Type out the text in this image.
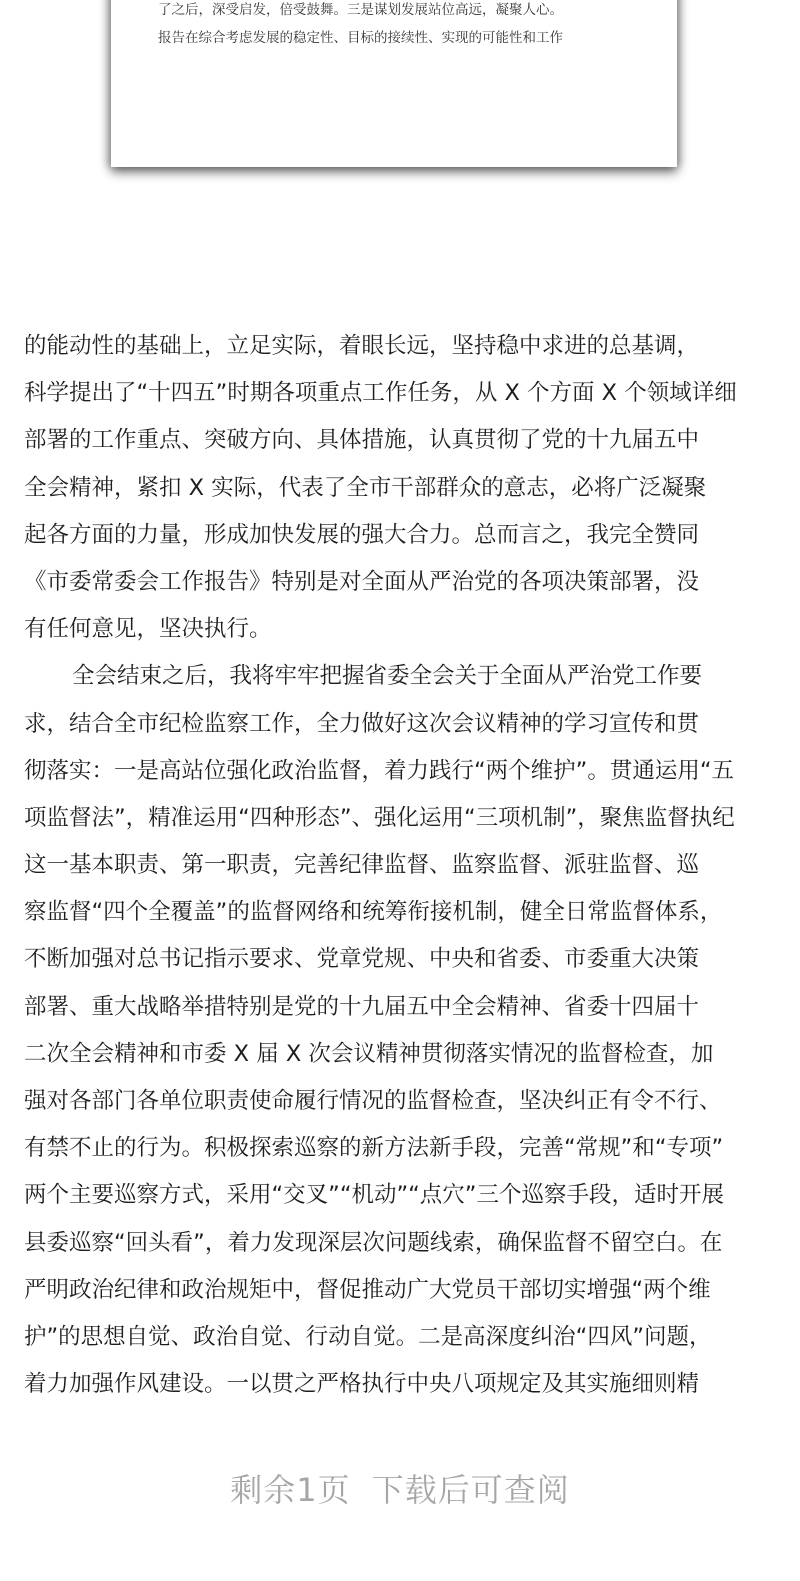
了之后，深受启发，倍受鼓舞。三是谋划发展站位高远，凝聚人心。
报告在综合考虑发展的稳定性、目标的接续性、实现的可能性和工作
的能动性的基础上，立足实际，着眼长远，坚持稳中求进的总基调，
科学提出了“十四五”时期各项重点工作任务，从 X 个方面 X 个领域详细
部署的工作重点、突破方向、具体措施，认真贯彻了党的十九届五中
全会精神，紧扣 X 实际，代表了全市干部群众的意志，必将广泛凝聚
起各方面的力量，形成加快发展的强大合力。总而言之，我完全赞同
《市委常委会工作报告》特别是对全面从严治党的各项决策部署，没
有任何意见，坚决执行。
全会结束之后，我将牢牢把握省委全会关于全面从严治党工作要
求，结合全市纪检监察工作，全力做好这次会议精神的学习宣传和贯
彻落实：一是高站位强化政治监督，着力践行“两个维护”。贯通运用“五
项监督法”，精准运用“四种形态”、强化运用“三项机制”，聚焦监督执纪
这一基本职责、第一职责，完善纪律监督、监察监督、派驻监督、巡
察监督“四个全覆盖”的监督网络和统筹衔接机制，健全日常监督体系，
不断加强对总书记指示要求、党章党规、中央和省委、市委重大决策
部署、重大战略举措特别是党的十九届五中全会精神、省委十四届十
二次全会精神和市委 X 届 X 次会议精神贯彻落实情况的监督检查，加
强对各部门各单位职责使命履行情况的监督检查，坚决纠正有令不行、
有禁不止的行为。积极探索巡察的新方法新手段，完善“常规”和“专项”
两个主要巡察方式，采用“交叉”“机动”“点穴”三个巡察手段，适时开展
县委巡察“回头看”，着力发现深层次问题线索，确保监督不留空白。在
严明政治纪律和政治规矩中，督促推动广大党员干部切实增强“两个维
护”的思想自觉、政治自觉、行动自觉。二是高深度纠治“四风”问题，
着力加强作风建设。一以贯之严格执行中央八项规定及其实施细则精
剩余1页 下载后可查阅
